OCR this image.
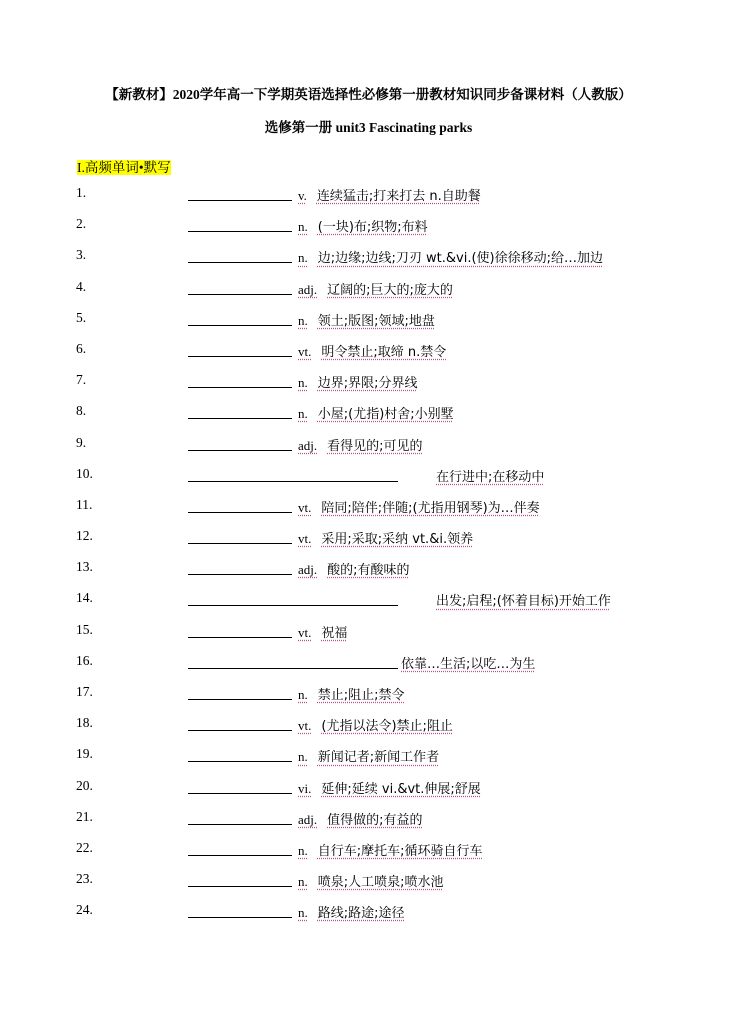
【新教材】2020学年高一下学期英语选择性必修第一册教材知识同步备课材料（人教版）
选修第一册 unit3 Fascinating parks
I.高频单词•默写
1.	v. 连续猛击;打来打去 n.自助餐
2.	n. (一块)布;织物;布料
3.	n. 边;边缘;边线;刀刃 wt.&vi.(使)徐徐移动;给…加边
4.	adj. 辽阔的;巨大的;庞大的
5.	n. 领土;版图;领域;地盘
6.	vt. 明令禁止;取缔 n.禁令
7.	n. 边界;界限;分界线
8.	n. 小屋;(尤指)村舍;小别墅
9.	adj. 看得见的;可见的
10.	在行进中;在移动中
11.	vt. 陪同;陪伴;伴随;(尤指用钢琴)为…伴奏
12.	vt. 采用;采取;采纳 vt.&i.领养
13.	adj. 酸的;有酸味的
14.	出发;启程;(怀着目标)开始工作
15.	vt. 祝福
16.	依靠…生活;以吃…为生
17.	n. 禁止;阻止;禁令
18.	vt. (尤指以法令)禁止;阻止
19.	n. 新闻记者;新闻工作者
20.	vi. 延伸;延续 vi.&vt.伸展;舒展
21.	adj. 值得做的;有益的
22.	n. 自行车;摩托车;循环骑自行车
23.	n. 喷泉;人工喷泉;喷水池
24.	n. 路线;路途;途径
